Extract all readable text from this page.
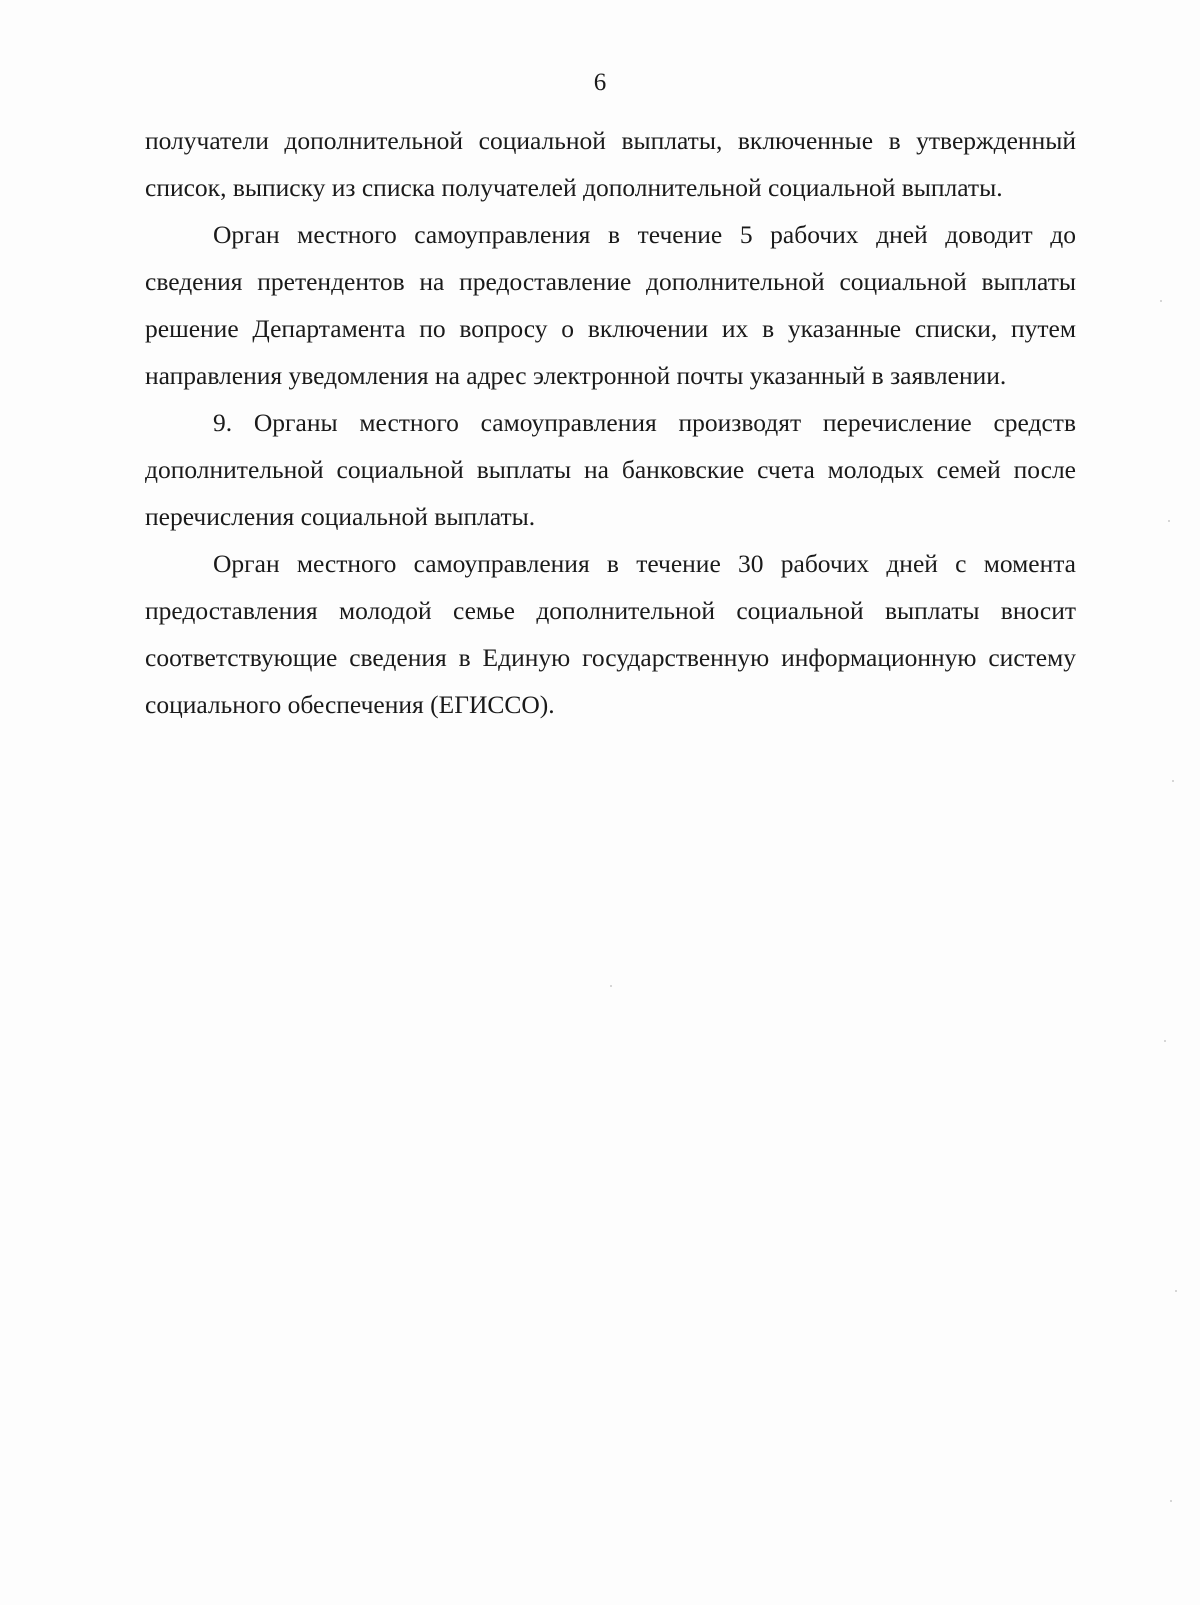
6

получатели дополнительной социальной выплаты, включенные в утвержденный список, выписку из списка получателей дополнительной социальной выплаты.

Орган местного самоуправления в течение 5 рабочих дней доводит до сведения претендентов на предоставление дополнительной социальной выплаты решение Департамента по вопросу о включении их в указанные списки, путем направления уведомления на адрес электронной почты указанный в заявлении.

9. Органы местного самоуправления производят перечисление средств дополнительной социальной выплаты на банковские счета молодых семей после перечисления социальной выплаты.

Орган местного самоуправления в течение 30 рабочих дней с момента предоставления молодой семье дополнительной социальной выплаты вносит соответствующие сведения в Единую государственную информационную систему социального обеспечения (ЕГИССО).
